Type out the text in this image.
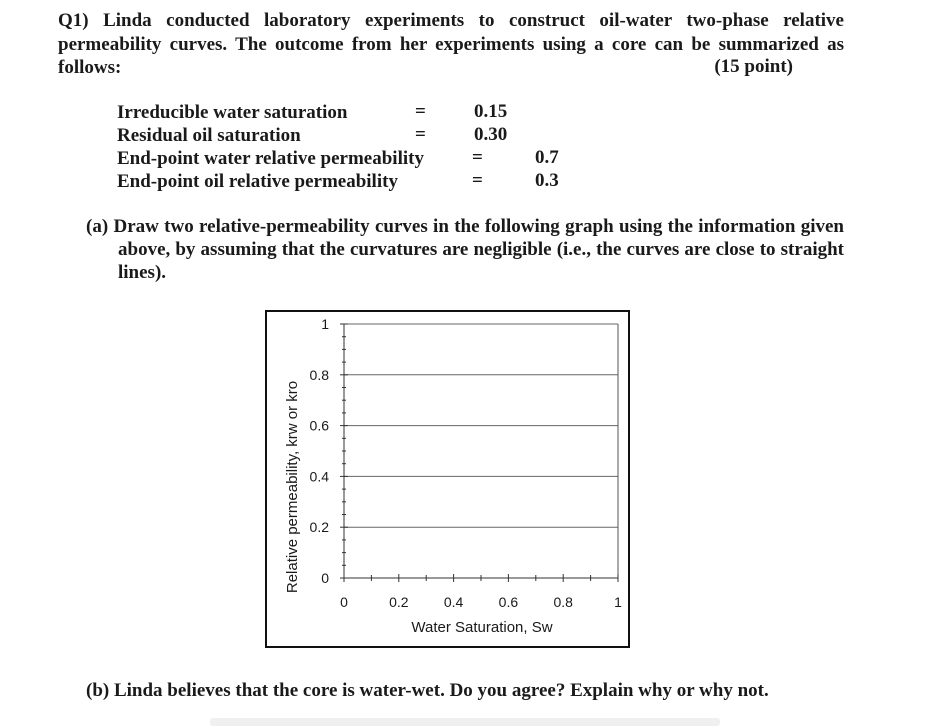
Q1) Linda conducted laboratory experiments to construct oil-water two-phase relative permeability curves. The outcome from her experiments using a core can be summarized as follows:	(15 point)
Irreducible water saturation	=	0.15
Residual oil saturation	=	0.30
End-point water relative permeability	=	0.7
End-point oil relative permeability	=	0.3
(a) Draw two relative-permeability curves in the following graph using the information given above, by assuming that the curvatures are negligible (i.e., the curves are close to straight lines).
0
0.2
0.4
0.6
0.8
1
0	0.2	0.4	0.6	0.8	1
Water Saturation, Sw
Relative permeability, krw or kro
(b) Linda believes that the core is water-wet. Do you agree? Explain why or why not.
